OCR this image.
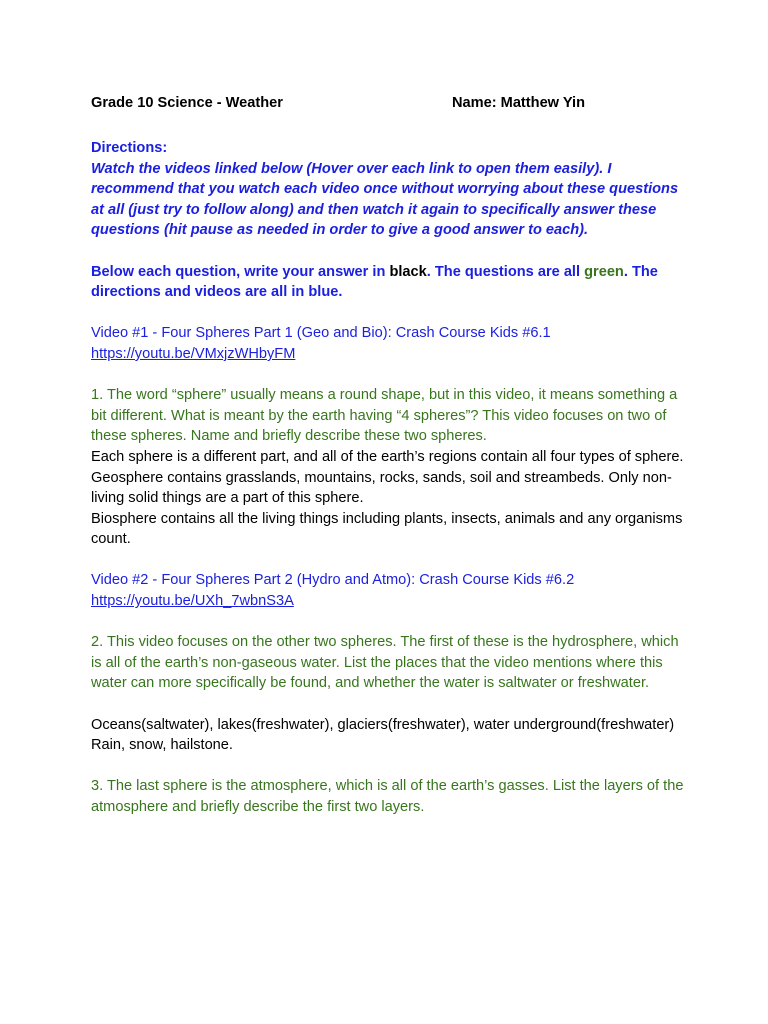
Grade 10 Science - Weather	Name: Matthew Yin
Directions:

Watch the videos linked below (Hover over each link to open them easily). I recommend that you watch each video once without worrying about these questions at all (just try to follow along) and then watch it again to specifically answer these questions (hit pause as needed in order to give a good answer to each).

Below each question, write your answer in black. The questions are all green. The directions and videos are all in blue.

Video #1 - Four Spheres Part 1 (Geo and Bio): Crash Course Kids #6.1
https://youtu.be/VMxjzWHbyFM

1. The word “sphere” usually means a round shape, but in this video, it means something a bit different. What is meant by the earth having “4 spheres”? This video focuses on two of these spheres. Name and briefly describe these two spheres.

Each sphere is a different part, and all of the earth’s regions contain all four types of sphere.

Geosphere contains grasslands, mountains, rocks, sands, soil and streambeds. Only non-living solid things are a part of this sphere.

Biosphere contains all the living things including plants, insects, animals and any organisms count.

Video #2 - Four Spheres Part 2 (Hydro and Atmo): Crash Course Kids #6.2
https://youtu.be/UXh_7wbnS3A

2. This video focuses on the other two spheres. The first of these is the hydrosphere, which is all of the earth’s non-gaseous water. List the places that the video mentions where this water can more specifically be found, and whether the water is saltwater or freshwater.

Oceans(saltwater), lakes(freshwater), glaciers(freshwater), water underground(freshwater)

Rain, snow, hailstone.

3. The last sphere is the atmosphere, which is all of the earth’s gasses. List the layers of the atmosphere and briefly describe the first two layers.
